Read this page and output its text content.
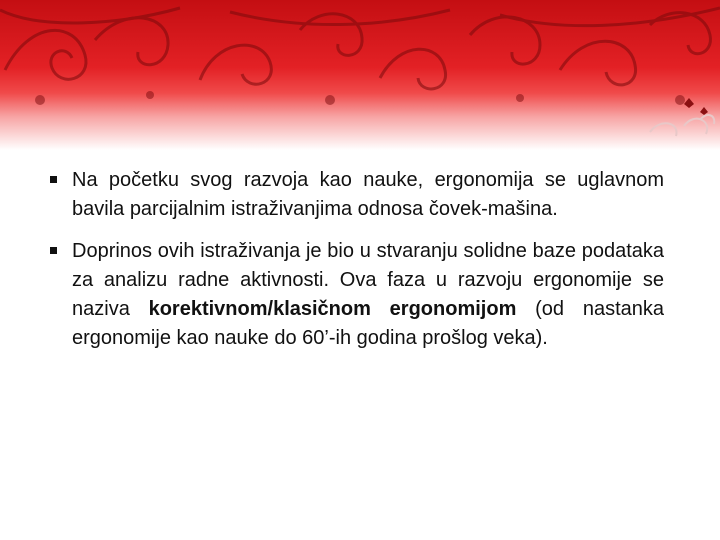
Na početku svog razvoja kao nauke, ergonomija se uglavnom bavila parcijalnim istraživanjima odnosa čovek-mašina.
Doprinos ovih istraživanja je bio u stvaranju solidne baze podataka za analizu radne aktivnosti. Ova faza u razvoju ergonomije se naziva korektivnom/klasičnom ergonomijom (od nastanka ergonomije kao nauke do 60’-ih godina prošlog veka).
